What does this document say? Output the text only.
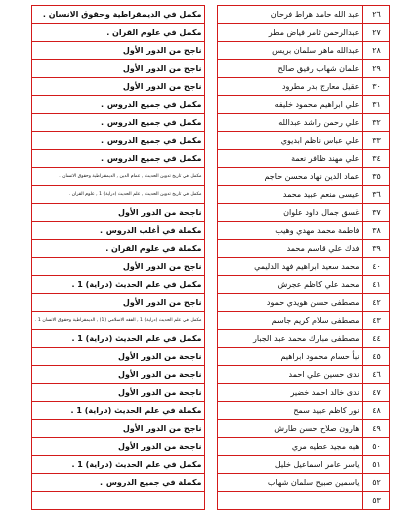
٢٦	عبد الله حامد هراط فرحان		مكمل في الديمقراطية وحقوق الانسان .
٢٧	عبدالرحمن ثامر فياض مطر		مكمل في علوم القران .
٢٨	عبدالله ماهر سلمان بريس		ناجح من الدور الأول
٢٩	علمان شهاب رفيق صالح		ناجح من الدور الأول
٣٠	عقيل معارج بدر مطرود		ناجح من الدور الأول
٣١	علي ابراهيم محمود خليفه		مكمل في جميع الدروس .
٣٢	علي رحمن راشد عبدالله		مكمل في جميع الدروس .
٣٣	علي عباس ناظم ابديوي		مكمل في جميع الدروس .
٣٤	علي مهند ظافر نعمة		مكمل في جميع الدروس .
٣٥	عماد الدين نهاد محسن حاجم		مكمل في تاريخ تدوين الحديث , عمام الدين , الديمقراطية وحقوق الانسان .
٣٦	عيسى منعم عبيد محمد		مكمل في تاريخ تدوين الحديث , علم الحديث (دراية) 1 , علوم القران .
٣٧	غسق جمال داود علوان		ناجحة من الدور الأول
٣٨	فاطمة محمد مهدي وهيب		مكملة في أغلب الدروس .
٣٩	فدك علي قاسم محمد		مكملة في علوم القران .
٤٠	محمد سعيد ابراهيم فهد الدليمي		ناجح من الدور الأول
٤١	محمد علي كاظم عجرش		مكمل في علم الحديث (دراية) 1 .
٤٢	مصطفى حسن هويدي حمود		ناجح من الدور الأول
٤٣	مصطفى سلام كريم جاسم		مكمل في علم الحديث (دراية) 1 , الفقه الاسلامي (1) , الديمقراطية وحقوق الانسان 1 .
٤٤	مصطفى مبارك محمد عبد الجبار		مكمل في علم الحديث (دراية) 1 .
٤٥	نبأ حسام محمود ابراهيم		ناجحة من الدور الأول
٤٦	ندى حسين علي احمد		ناجحة من الدور الأول
٤٧	ندى خالد احمد خضير		ناجحة من الدور الأول
٤٨	نور كاظم عبيد سمح		مكملة في علم الحديث (دراية) 1 .
٤٩	هارون صلاح حسن طارش		ناجح من الدور الأول
٥٠	هبه مجيد عطيه مري		ناجحة من الدور الأول
٥١	ياسر عامر اسماعيل خليل		مكمل في علم الحديث (دراية) 1 .
٥٢	ياسمين صبيح سلمان شهاب		مكملة في جميع الدروس .
٥٣			
